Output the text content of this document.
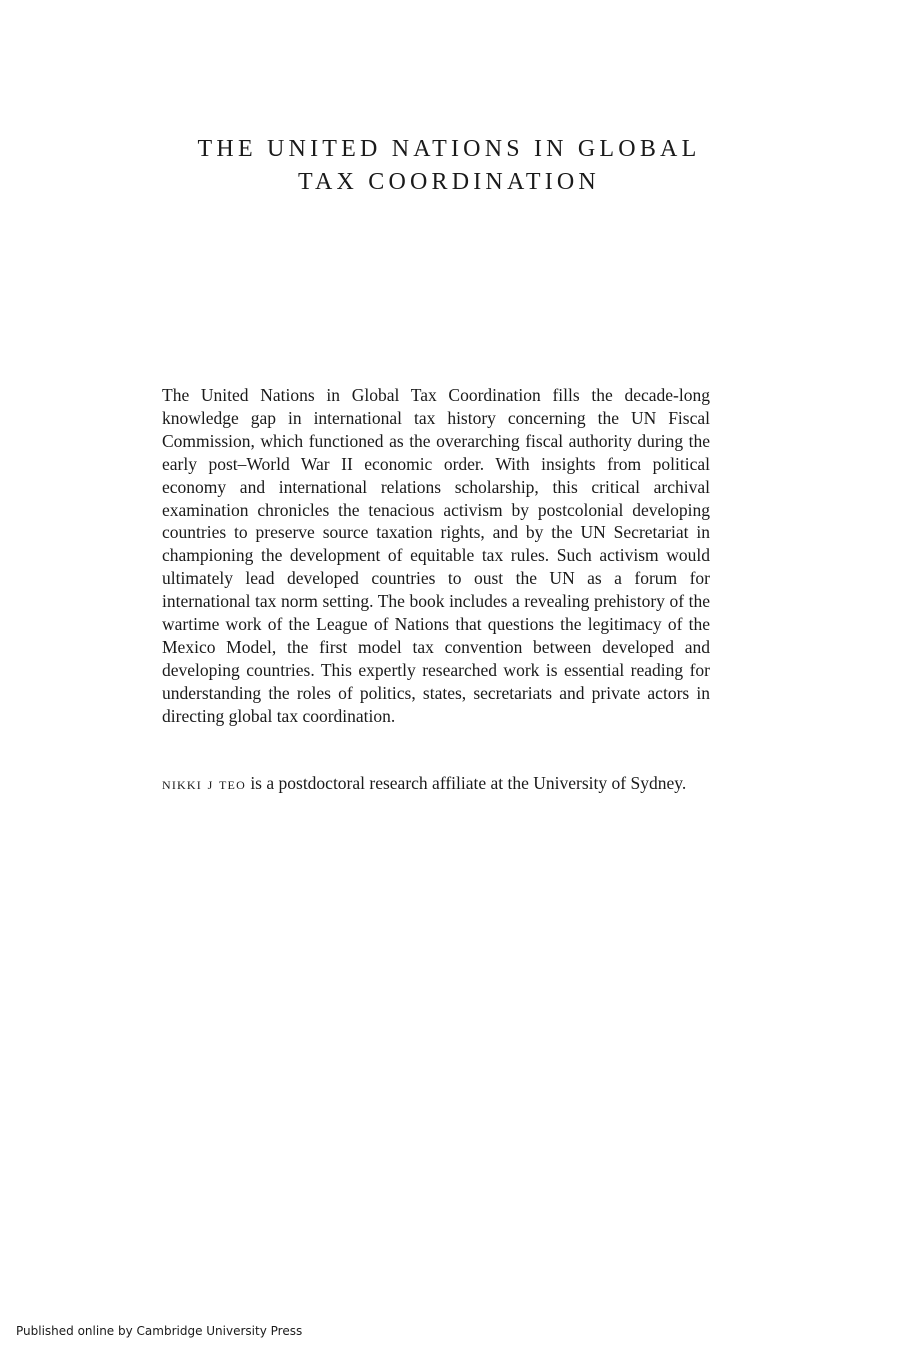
THE UNITED NATIONS IN GLOBAL
TAX COORDINATION

The United Nations in Global Tax Coordination fills the decade-long knowledge gap in international tax history concerning the UN Fiscal Commission, which functioned as the overarching fiscal authority during the early post–World War II economic order. With insights from political economy and international relations scholarship, this critical archival examination chronicles the tenacious activism by postcolonial developing countries to preserve source taxation rights, and by the UN Secretariat in championing the development of equitable tax rules. Such activism would ultimately lead developed countries to oust the UN as a forum for international tax norm setting. The book includes a revealing prehistory of the wartime work of the League of Nations that questions the legitimacy of the Mexico Model, the first model tax convention between developed and developing countries. This expertly researched work is essential reading for understanding the roles of politics, states, secretariats and private actors in directing global tax coordination.

nikki j teo is a postdoctoral research affiliate at the University of Sydney.

Published online by Cambridge University Press
